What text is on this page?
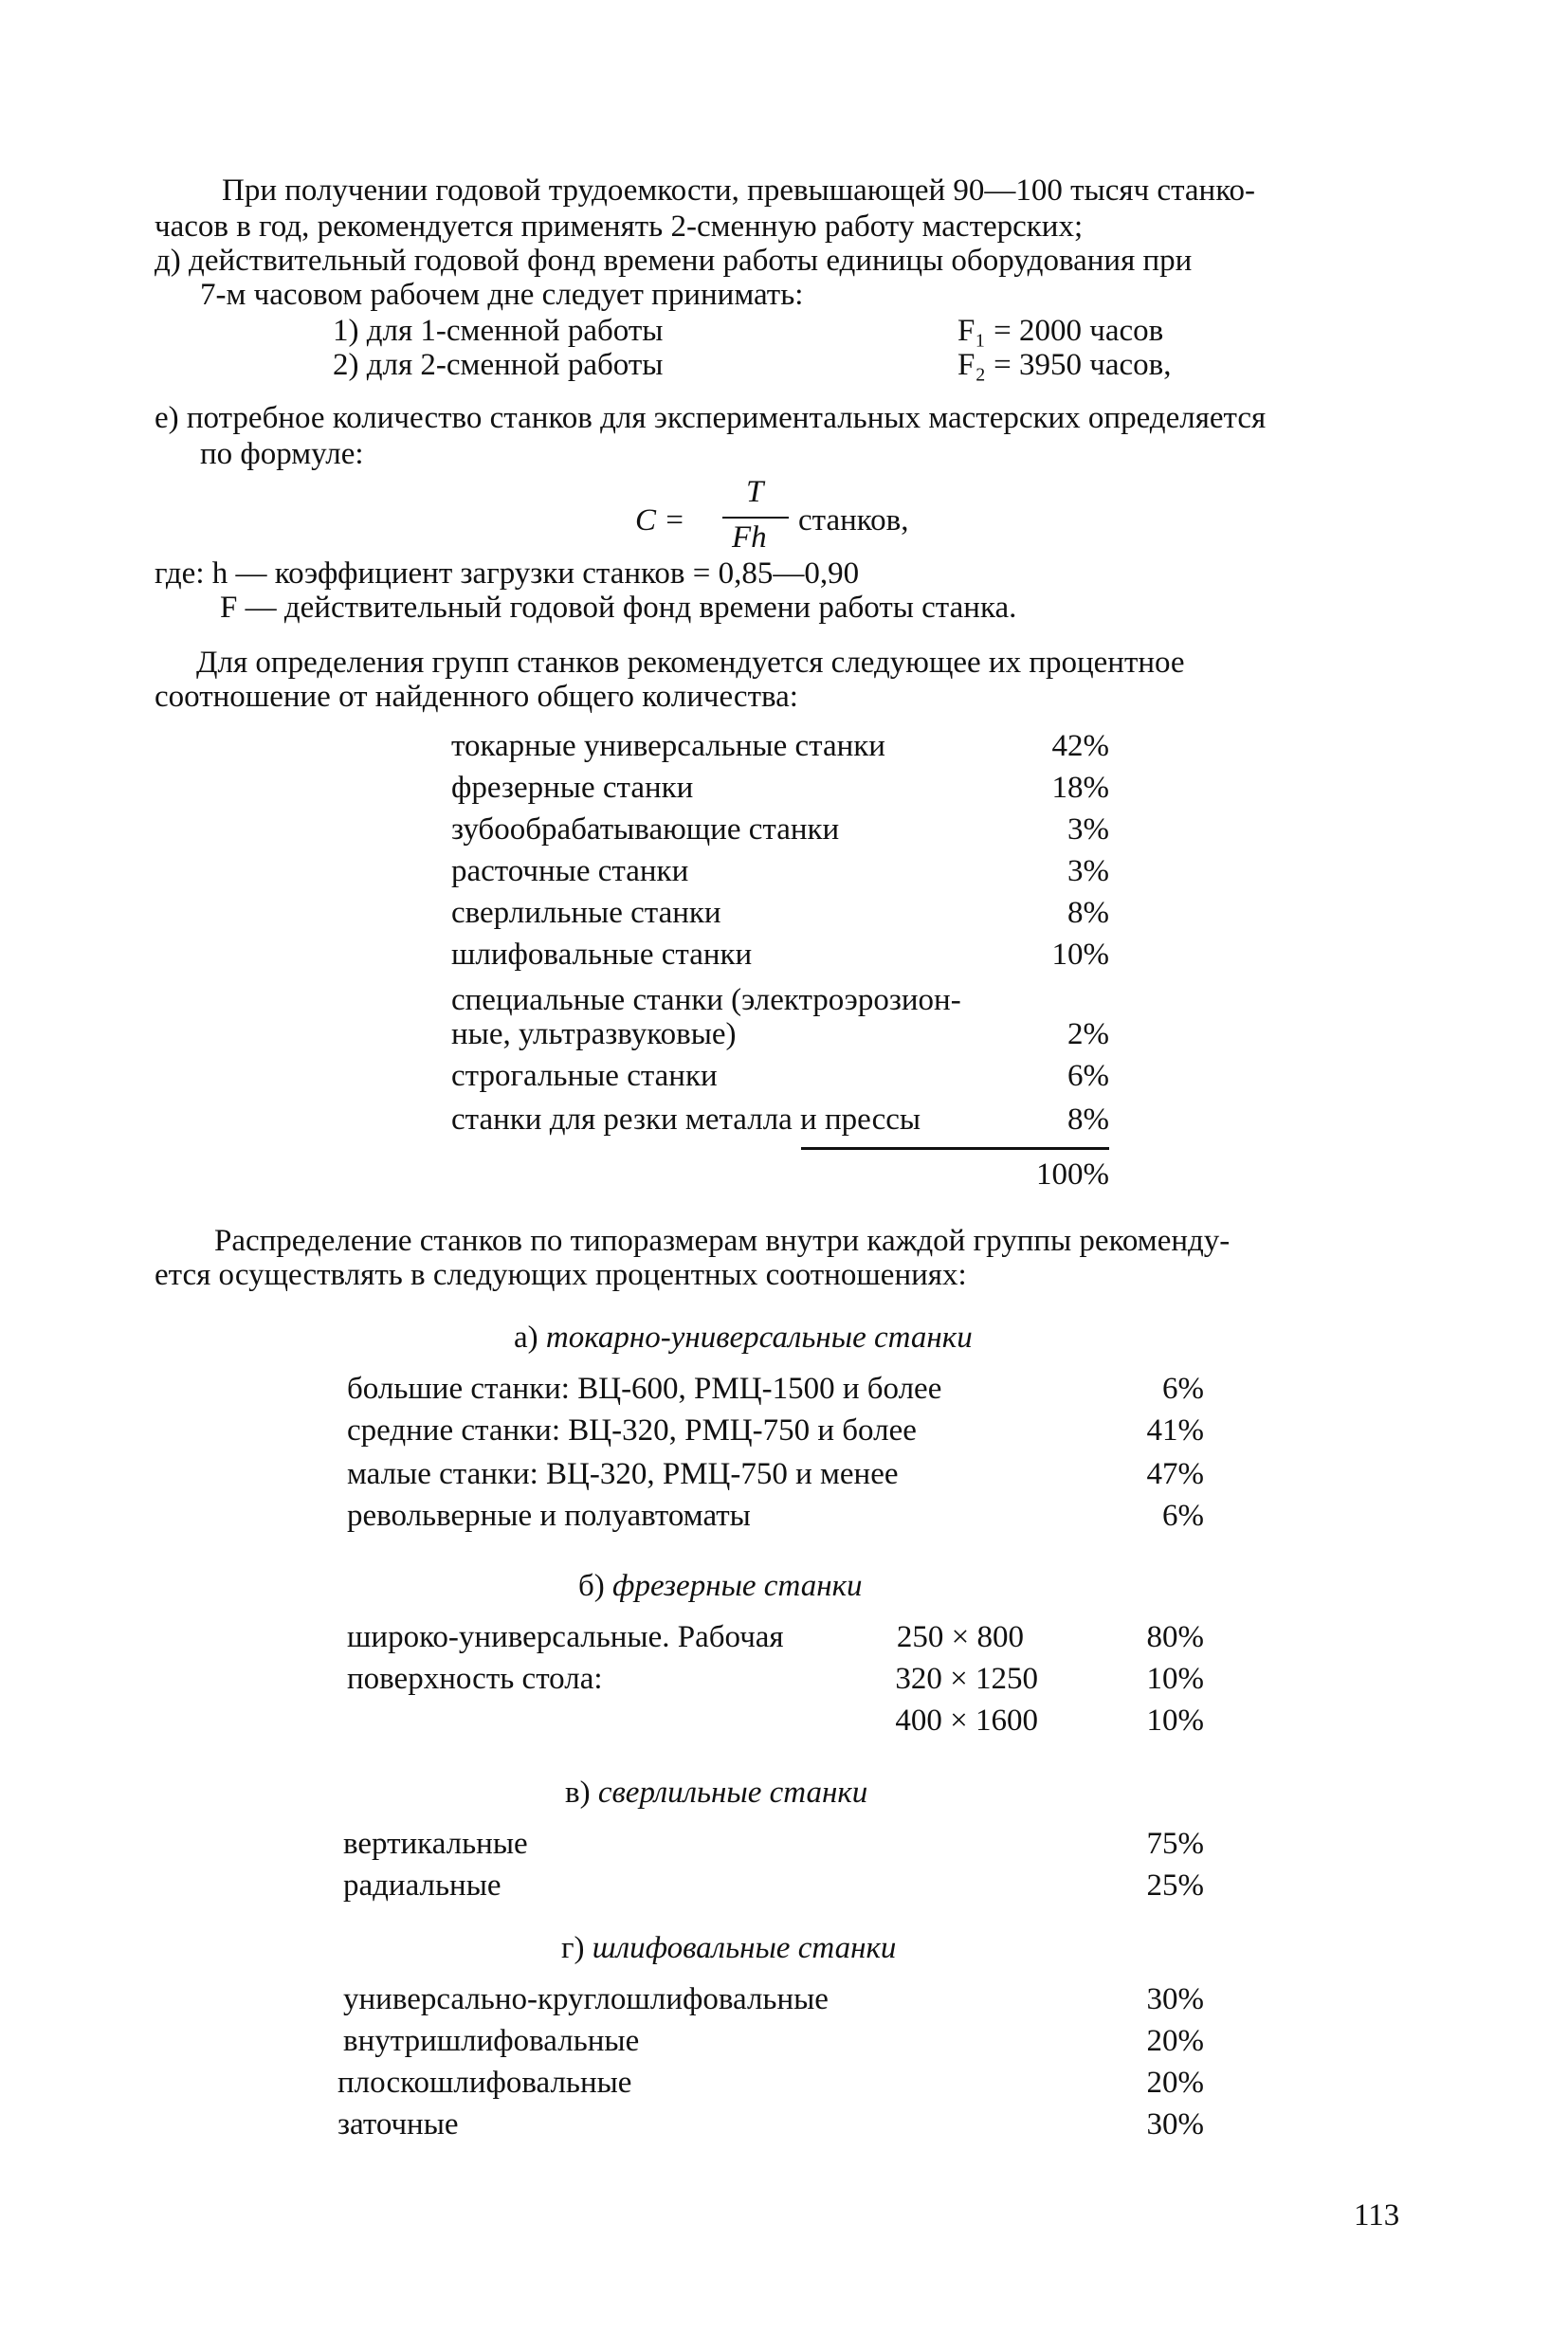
При получении годовой трудоемкости, превышающей 90—100 тысяч станко-
часов в год, рекомендуется применять 2-сменную работу мастерских;
д) действительный годовой фонд времени работы единицы оборудования при
7-м часовом рабочем дне следует принимать:
1) для 1-сменной работы	F₁ = 2000 часов
2) для 2-сменной работы	F₂ = 3950 часов,
е) потребное количество станков для экспериментальных мастерских определяется
по формуле:
C =
T
Fh станков,
где: h — коэффициент загрузки станков = 0,85—0,90
F — действительный годовой фонд времени работы станка.
Для определения групп станков рекомендуется следующее их процентное
соотношение от найденного общего количества:
токарные универсальные станки	42%
фрезерные станки	18%
зубообрабатывающие станки	3%
расточные станки	3%
сверлильные станки	8%
шлифовальные станки	10%
специальные станки (электроэрозион-
ные, ультразвуковые)	2%
строгальные станки	6%
станки для резки металла и прессы	8%
100%
Распределение станков по типоразмерам внутри каждой группы рекоменду-
ется осуществлять в следующих процентных соотношениях:
а) токарно-универсальные станки
большие станки: ВЦ-600, РМЦ-1500 и более	6%
средние станки: ВЦ-320, РМЦ-750 и более	41%
малые станки: ВЦ-320, РМЦ-750 и менее	47%
револьверные и полуавтоматы	6%
б) фрезерные станки
широко-универсальные. Рабочая	250 × 800	80%
поверхность стола:	320 × 1250	10%
400 × 1600	10%
в) сверлильные станки
вертикальные	75%
радиальные	25%
г) шлифовальные станки
универсально-круглошлифовальные	30%
внутришлифовальные	20%
плоскошлифовальные	20%
заточные	30%
113
